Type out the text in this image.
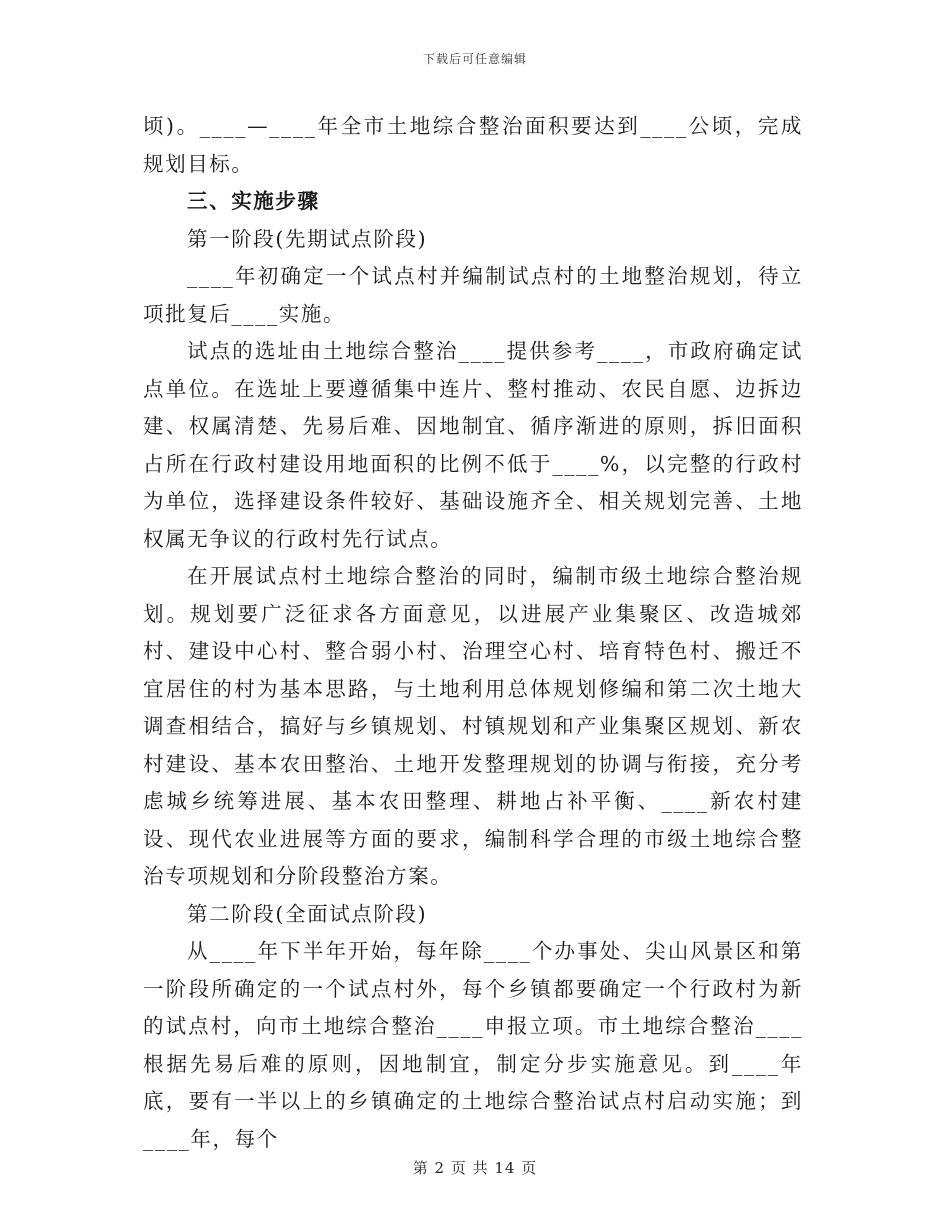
下载后可任意编辑

顷)。____—____年全市土地综合整治面积要达到____公顷，完成规划目标。

三、实施步骤

第一阶段(先期试点阶段)

____年初确定一个试点村并编制试点村的土地整治规划，待立项批复后____实施。

试点的选址由土地综合整治____提供参考____，市政府确定试点单位。在选址上要遵循集中连片、整村推动、农民自愿、边拆边建、权属清楚、先易后难、因地制宜、循序渐进的原则，拆旧面积占所在行政村建设用地面积的比例不低于____%，以完整的行政村为单位，选择建设条件较好、基础设施齐全、相关规划完善、土地权属无争议的行政村先行试点。

在开展试点村土地综合整治的同时，编制市级土地综合整治规划。规划要广泛征求各方面意见，以进展产业集聚区、改造城郊村、建设中心村、整合弱小村、治理空心村、培育特色村、搬迁不宜居住的村为基本思路，与土地利用总体规划修编和第二次土地大调查相结合，搞好与乡镇规划、村镇规划和产业集聚区规划、新农村建设、基本农田整治、土地开发整理规划的协调与衔接，充分考虑城乡统筹进展、基本农田整理、耕地占补平衡、____新农村建设、现代农业进展等方面的要求，编制科学合理的市级土地综合整治专项规划和分阶段整治方案。

第二阶段(全面试点阶段)

从____年下半年开始，每年除____个办事处、尖山风景区和第一阶段所确定的一个试点村外，每个乡镇都要确定一个行政村为新的试点村，向市土地综合整治____申报立项。市土地综合整治____根据先易后难的原则，因地制宜，制定分步实施意见。到____年底，要有一半以上的乡镇确定的土地综合整治试点村启动实施；到____年，每个

第 2 页 共 14 页
